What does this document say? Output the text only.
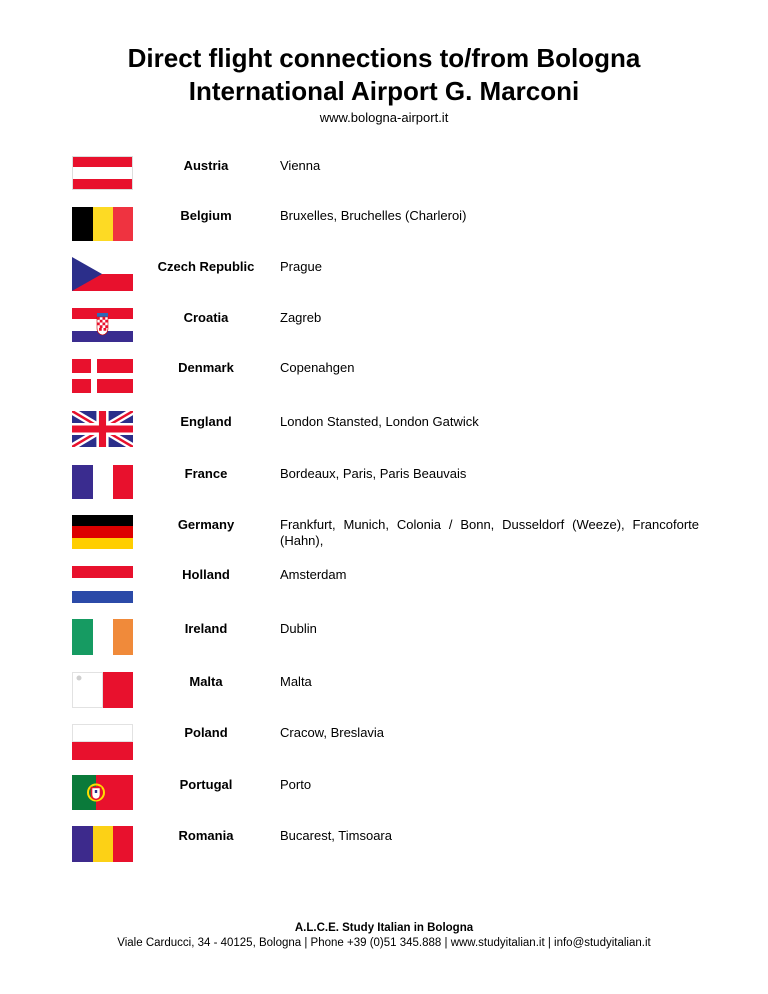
Direct flight connections to/from Bologna
International Airport G. Marconi
www.bologna-airport.it
Austria	Vienna
Belgium	Bruxelles, Bruchelles (Charleroi)
Czech Republic	Prague
Croatia	Zagreb
Denmark	Copenahgen
England	London Stansted, London Gatwick
France	Bordeaux, Paris, Paris Beauvais
Germany	Frankfurt, Munich, Colonia / Bonn, Dusseldorf (Weeze), Francoforte (Hahn),
Holland	Amsterdam
Ireland	Dublin
Malta	Malta
Poland	Cracow, Breslavia
Portugal	Porto
Romania	Bucarest, Timsoara
A.L.C.E. Study Italian in Bologna
Viale Carducci, 34 - 40125, Bologna | Phone +39 (0)51 345.888 | www.studyitalian.it | info@studyitalian.it
